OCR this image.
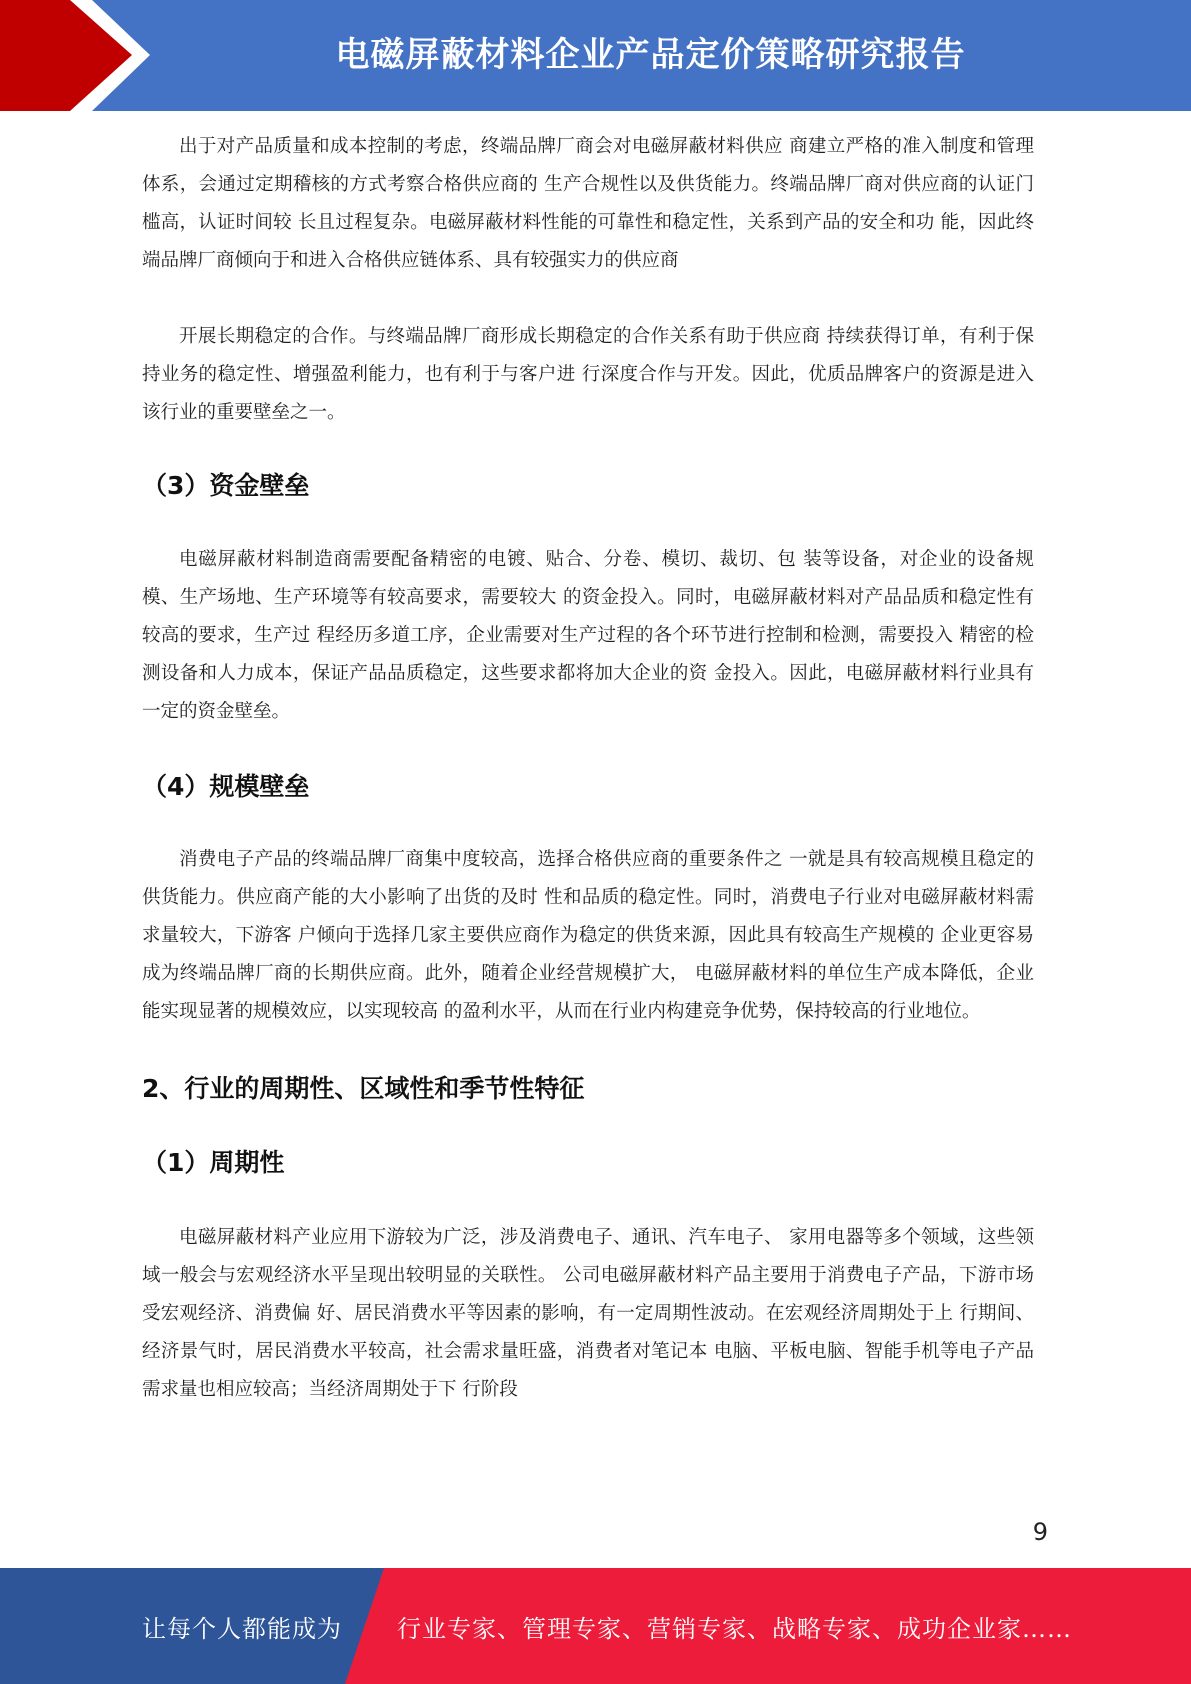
电磁屏蔽材料企业产品定价策略研究报告

出于对产品质量和成本控制的考虑，终端品牌厂商会对电磁屏蔽材料供应 商建立严格的准入制度和管理体系，会通过定期稽核的方式考察合格供应商的 生产合规性以及供货能力。终端品牌厂商对供应商的认证门槛高，认证时间较 长且过程复杂。电磁屏蔽材料性能的可靠性和稳定性，关系到产品的安全和功 能，因此终端品牌厂商倾向于和进入合格供应链体系、具有较强实力的供应商

开展长期稳定的合作。与终端品牌厂商形成长期稳定的合作关系有助于供应商 持续获得订单，有利于保持业务的稳定性、增强盈利能力，也有利于与客户进 行深度合作与开发。因此，优质品牌客户的资源是进入该行业的重要壁垒之一。

（3）资金壁垒

电磁屏蔽材料制造商需要配备精密的电镀、贴合、分卷、模切、裁切、包 装等设备，对企业的设备规模、生产场地、生产环境等有较高要求，需要较大 的资金投入。同时，电磁屏蔽材料对产品品质和稳定性有较高的要求，生产过 程经历多道工序，企业需要对生产过程的各个环节进行控制和检测，需要投入 精密的检测设备和人力成本，保证产品品质稳定，这些要求都将加大企业的资 金投入。因此，电磁屏蔽材料行业具有一定的资金壁垒。

（4）规模壁垒

消费电子产品的终端品牌厂商集中度较高，选择合格供应商的重要条件之 一就是具有较高规模且稳定的供货能力。供应商产能的大小影响了出货的及时 性和品质的稳定性。同时，消费电子行业对电磁屏蔽材料需求量较大，下游客 户倾向于选择几家主要供应商作为稳定的供货来源，因此具有较高生产规模的 企业更容易成为终端品牌厂商的长期供应商。此外，随着企业经营规模扩大， 电磁屏蔽材料的单位生产成本降低，企业能实现显著的规模效应，以实现较高 的盈利水平，从而在行业内构建竞争优势，保持较高的行业地位。

2、行业的周期性、区域性和季节性特征
（1）周期性

电磁屏蔽材料产业应用下游较为广泛，涉及消费电子、通讯、汽车电子、 家用电器等多个领域，这些领域一般会与宏观经济水平呈现出较明显的关联性。 公司电磁屏蔽材料产品主要用于消费电子产品，下游市场受宏观经济、消费偏 好、居民消费水平等因素的影响，有一定周期性波动。在宏观经济周期处于上 行期间、经济景气时，居民消费水平较高，社会需求量旺盛，消费者对笔记本 电脑、平板电脑、智能手机等电子产品需求量也相应较高；当经济周期处于下 行阶段

9
让每个人都能成为 行业专家、管理专家、营销专家、战略专家、成功企业家……
